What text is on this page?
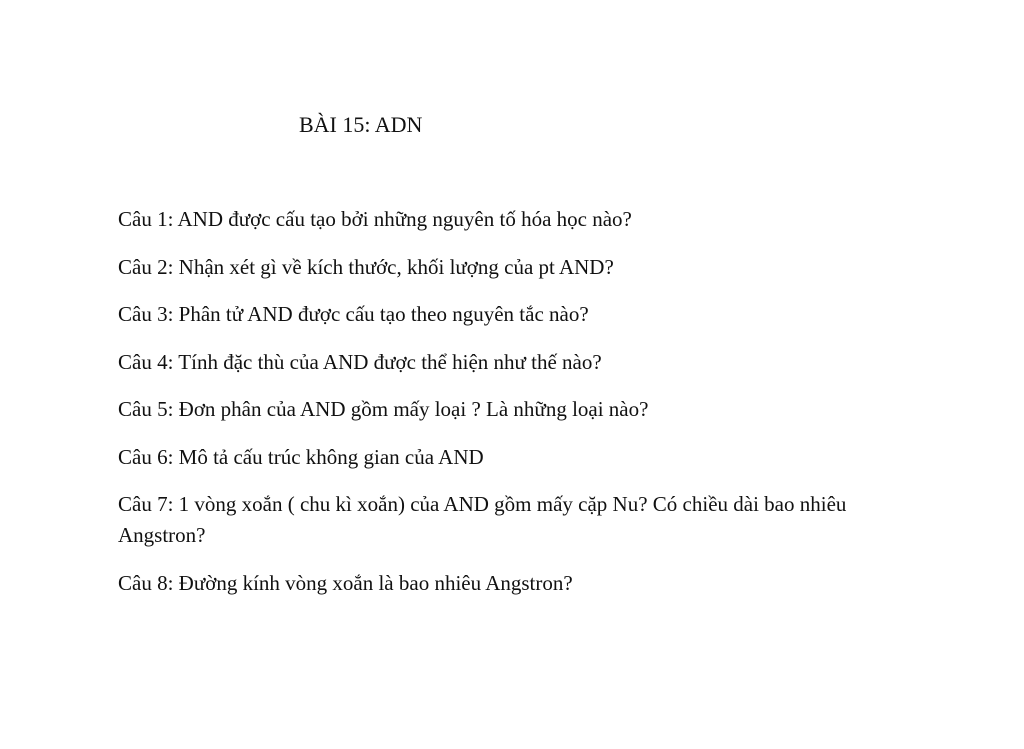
BÀI 15: ADN
Câu 1: AND được cấu tạo bởi những nguyên tố hóa học nào?
Câu 2: Nhận xét gì về kích thước, khối lượng của pt AND?
Câu 3: Phân tử AND được cấu tạo theo nguyên tắc nào?
Câu 4: Tính đặc thù của AND được thể hiện như thế nào?
Câu 5: Đơn phân của AND gồm mấy loại ? Là những loại nào?
Câu 6: Mô tả cấu trúc không gian của AND
Câu 7: 1 vòng xoắn ( chu kì xoắn) của AND gồm mấy cặp Nu? Có chiều dài bao nhiêu Angstron?
Câu 8: Đường kính vòng xoắn là bao nhiêu Angstron?
